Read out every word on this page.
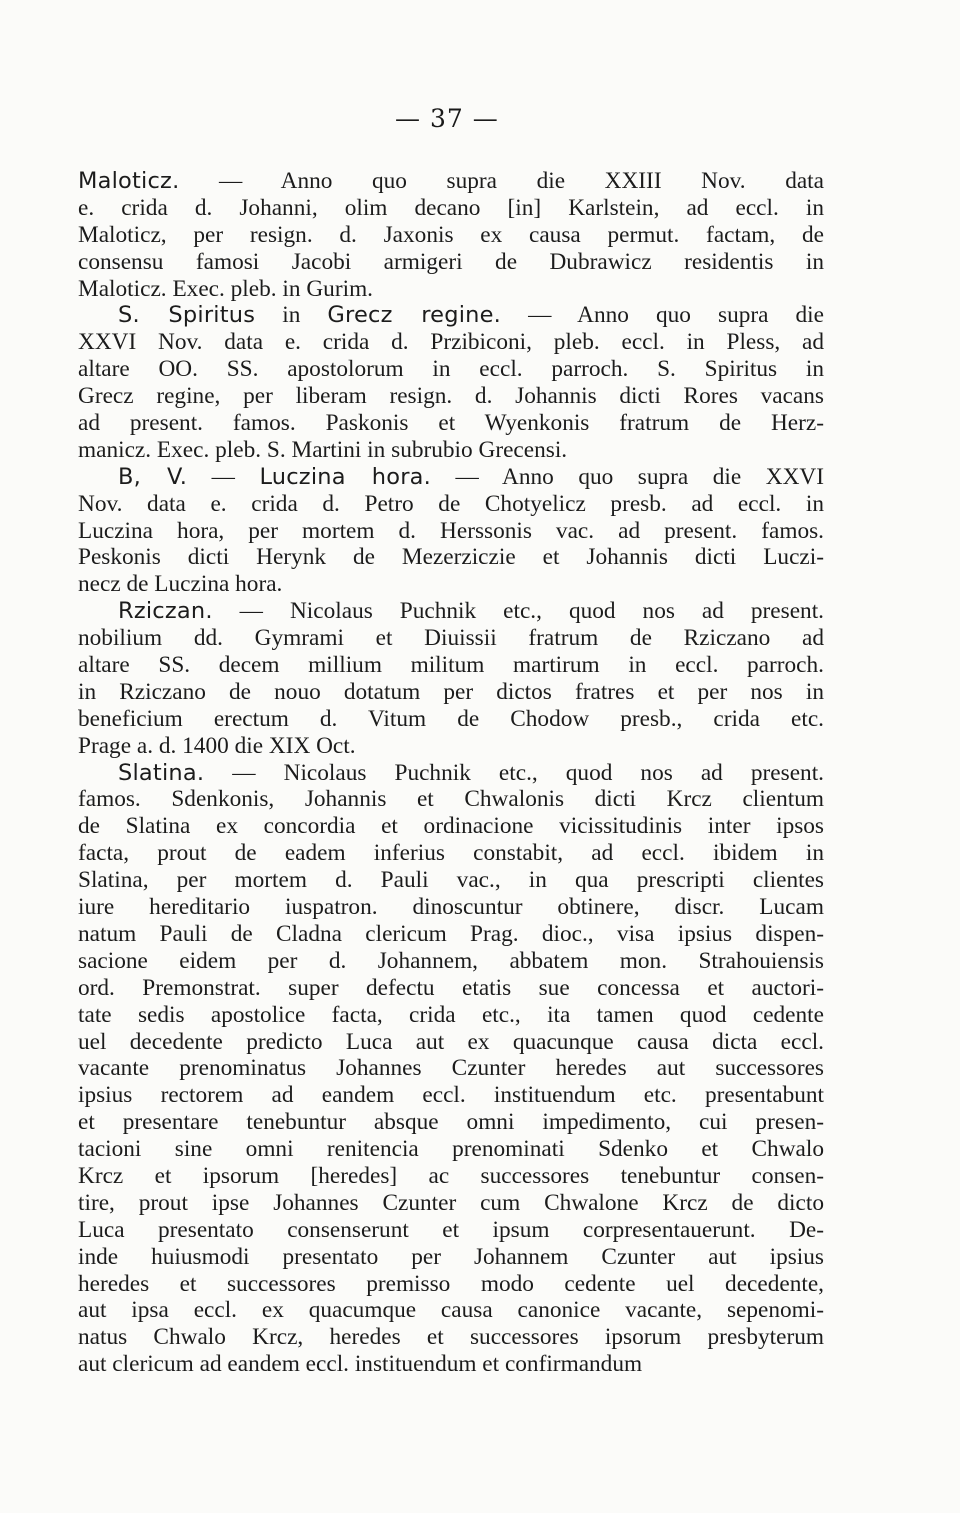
— 37 —
Maloticz. — Anno quo supra die XXIII Nov. data
e. crida d. Johanni, olim decano [in] Karlstein, ad eccl. in
Maloticz, per resign. d. Jaxonis ex causa permut. factam, de
consensu famosi Jacobi armigeri de Dubrawicz residentis in
Maloticz. Exec. pleb. in Gurim.
S. Spiritus in Grecz regine. — Anno quo supra die
XXVI Nov. data e. crida d. Przibiconi, pleb. eccl. in Pless, ad
altare OO. SS. apostolorum in eccl. parroch. S. Spiritus in
Grecz regine, per liberam resign. d. Johannis dicti Rores vacans
ad present. famos. Paskonis et Wyenkonis fratrum de Herz-
manicz. Exec. pleb. S. Martini in subrubio Grecensi.
B, V. — Luczina hora. — Anno quo supra die XXVI
Nov. data e. crida d. Petro de Chotyelicz presb. ad eccl. in
Luczina hora, per mortem d. Herssonis vac. ad present. famos.
Peskonis dicti Herynk de Mezerziczie et Johannis dicti Luczi-
necz de Luczina hora.
Rziczan. — Nicolaus Puchnik etc., quod nos ad present.
nobilium dd. Gymrami et Diuissii fratrum de Rziczano ad
altare SS. decem millium militum martirum in eccl. parroch.
in Rziczano de nouo dotatum per dictos fratres et per nos in
beneficium erectum d. Vitum de Chodow presb., crida etc.
Prage a. d. 1400 die XIX Oct.
Slatina. — Nicolaus Puchnik etc., quod nos ad present.
famos. Sdenkonis, Johannis et Chwalonis dicti Krcz clientum
de Slatina ex concordia et ordinacione vicissitudinis inter ipsos
facta, prout de eadem inferius constabit, ad eccl. ibidem in
Slatina, per mortem d. Pauli vac., in qua prescripti clientes
iure hereditario iuspatron. dinoscuntur obtinere, discr. Lucam
natum Pauli de Cladna clericum Prag. dioc., visa ipsius dispen-
sacione eidem per d. Johannem, abbatem mon. Strahouiensis
ord. Premonstrat. super defectu etatis sue concessa et auctori-
tate sedis apostolice facta, crida etc., ita tamen quod cedente
uel decedente predicto Luca aut ex quacunque causa dicta eccl.
vacante prenominatus Johannes Czunter heredes aut successores
ipsius rectorem ad eandem eccl. instituendum etc. presentabunt
et presentare tenebuntur absque omni impedimento, cui presen-
tacioni sine omni renitencia prenominati Sdenko et Chwalo
Krcz et ipsorum [heredes] ac successores tenebuntur consen-
tire, prout ipse Johannes Czunter cum Chwalone Krcz de dicto
Luca presentato consenserunt et ipsum corpresentauerunt. De-
inde huiusmodi presentato per Johannem Czunter aut ipsius
heredes et successores premisso modo cedente uel decedente,
aut ipsa eccl. ex quacumque causa canonice vacante, sepenomi-
natus Chwalo Krcz, heredes et successores ipsorum presbyterum
aut clericum ad eandem eccl. instituendum et confirmandum
